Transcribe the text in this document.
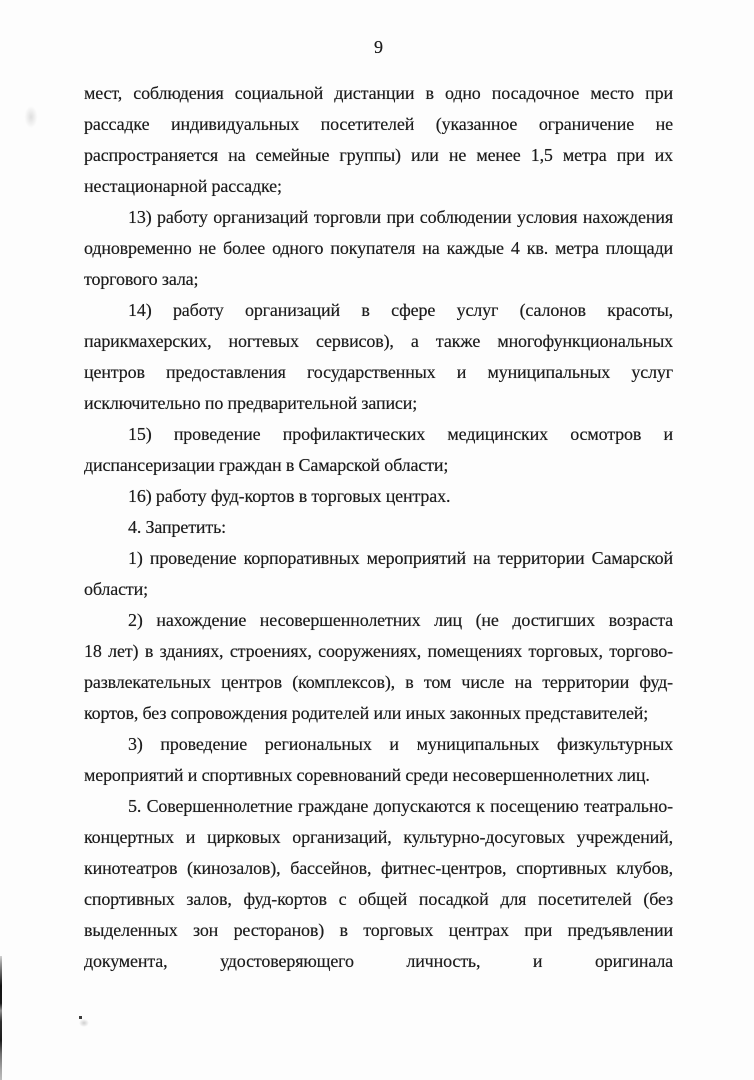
9
мест, соблюдения социальной дистанции в одно посадочное место при
рассадке индивидуальных посетителей (указанное ограничение не
распространяется на семейные группы) или не менее 1,5 метра при их
нестационарной рассадке;
13) работу организаций торговли при соблюдении условия нахождения
одновременно не более одного покупателя на каждые 4 кв. метра площади
торгового зала;
14) работу организаций в сфере услуг (салонов красоты,
парикмахерских, ногтевых сервисов), а также многофункциональных
центров предоставления государственных и муниципальных услуг
исключительно по предварительной записи;
15) проведение профилактических медицинских осмотров и
диспансеризации граждан в Самарской области;
16) работу фуд-кортов в торговых центрах.
4. Запретить:
1) проведение корпоративных мероприятий на территории Самарской
области;
2) нахождение несовершеннолетних лиц (не достигших возраста
18 лет) в зданиях, строениях, сооружениях, помещениях торговых, торгово-
развлекательных центров (комплексов), в том числе на территории фуд-
кортов, без сопровождения родителей или иных законных представителей;
3) проведение региональных и муниципальных физкультурных
мероприятий и спортивных соревнований среди несовершеннолетних лиц.
5. Совершеннолетние граждане допускаются к посещению театрально-
концертных и цирковых организаций, культурно-досуговых учреждений,
кинотеатров (кинозалов), бассейнов, фитнес-центров, спортивных клубов,
спортивных залов, фуд-кортов с общей посадкой для посетителей (без
выделенных зон ресторанов) в торговых центрах при предъявлении
документа, удостоверяющего личность, и оригинала
